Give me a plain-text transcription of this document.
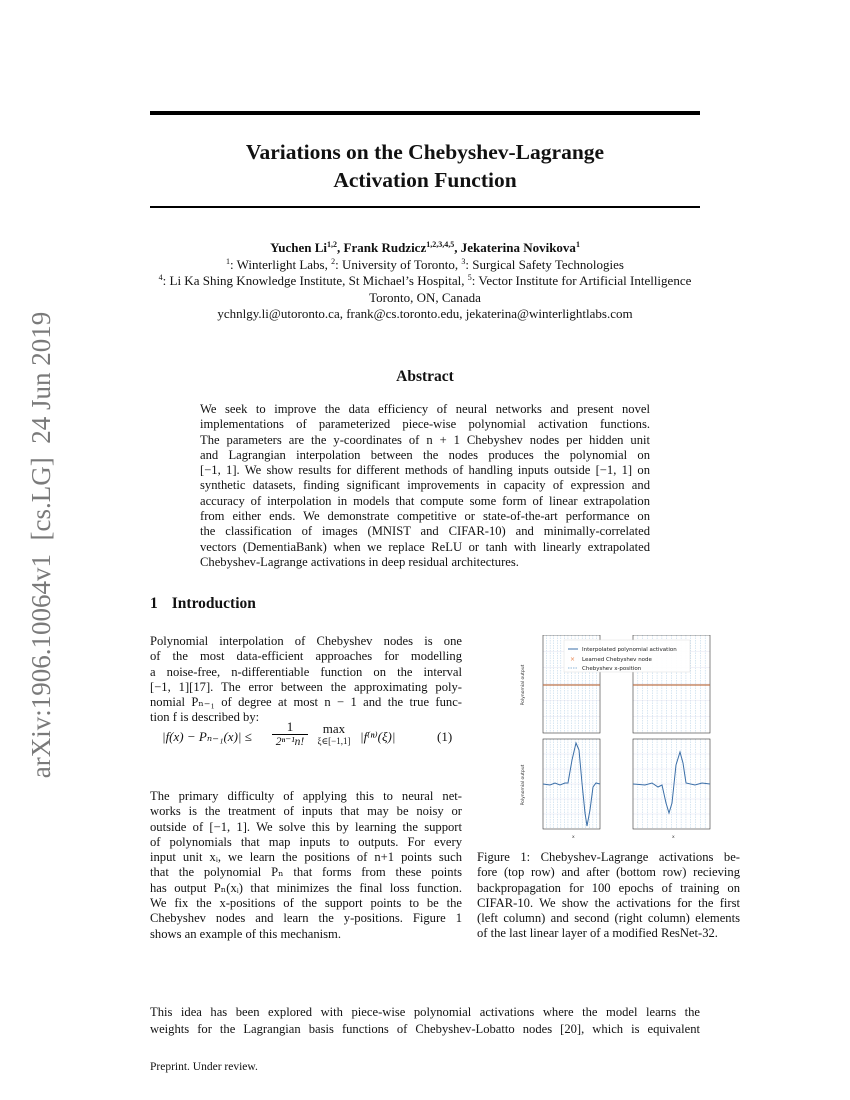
arXiv:1906.10064v1  [cs.LG]  24 Jun 2019
Variations on the Chebyshev-Lagrange
Activation Function
Yuchen Li$^{1,2}$, Frank Rudzicz$^{1,2,3,4,5}$, Jekaterina Novikova$^1$
$^1$: Winterlight Labs, $^2$: University of Toronto, $^3$: Surgical Safety Technologies
$^4$: Li Ka Shing Knowledge Institute, St Michael’s Hospital, $^5$: Vector Institute for Artificial Intelligence
Toronto, ON, Canada
ychnlgy.li@utoronto.ca, frank@cs.toronto.edu, jekaterina@winterlightlabs.com
Abstract
We seek to improve the data efficiency of neural networks and present novel
implementations of parameterized piece-wise polynomial activation functions.
The parameters are the y-coordinates of n + 1 Chebyshev nodes per hidden unit
and Lagrangian interpolation between the nodes produces the polynomial on
[−1, 1]. We show results for different methods of handling inputs outside [−1, 1] on
synthetic datasets, finding significant improvements in capacity of expression and
accuracy of interpolation in models that compute some form of linear extrapolation
from either ends. We demonstrate competitive or state-of-the-art performance on
the classification of images (MNIST and CIFAR-10) and minimally-correlated
vectors (DementiaBank) when we replace ReLU or tanh with linearly extrapolated
Chebyshev-Lagrange activations in deep residual architectures.
1 Introduction
Polynomial interpolation of Chebyshev nodes is one
of the most data-efficient approaches for modelling
a noise-free, n-differentiable function on the interval
[−1, 1][17]. The error between the approximating poly-
nomial Pₙ₋₁ of degree at most n − 1 and the true func-
tion f is described by:
|f(x) − Pₙ₋₁(x)| ≤
1
2ⁿ⁻¹n!
max
ξ∈[−1,1] |f⁽ⁿ⁾(ξ)|	(1)
The primary difficulty of applying this to neural net-
works is the treatment of inputs that may be noisy or
outside of [−1, 1]. We solve this by learning the support
of polynomials that map inputs to outputs. For every
input unit xᵢ, we learn the positions of n+1 points such
that the polynomial Pₙ that forms from these points
has output Pₙ(xᵢ) that minimizes the final loss function.
We fix the x-positions of the support points to be the
Chebyshev nodes and learn the y-positions. Figure 1
shows an example of this mechanism.
Polynomial output
Polynomial output
x	x
Interpolated polynomial activation
× Learned Chebyshev node
Chebyshev x-position
Figure 1: Chebyshev-Lagrange activations be-
fore (top row) and after (bottom row) recieving
backpropagation for 100 epochs of training on
CIFAR-10. We show the activations for the first
(left column) and second (right column) elements
of the last linear layer of a modified ResNet-32.
This idea has been explored with piece-wise polynomial activations where the model learns the
weights for the Lagrangian basis functions of Chebyshev-Lobatto nodes [20], which is equivalent
Preprint. Under review.
